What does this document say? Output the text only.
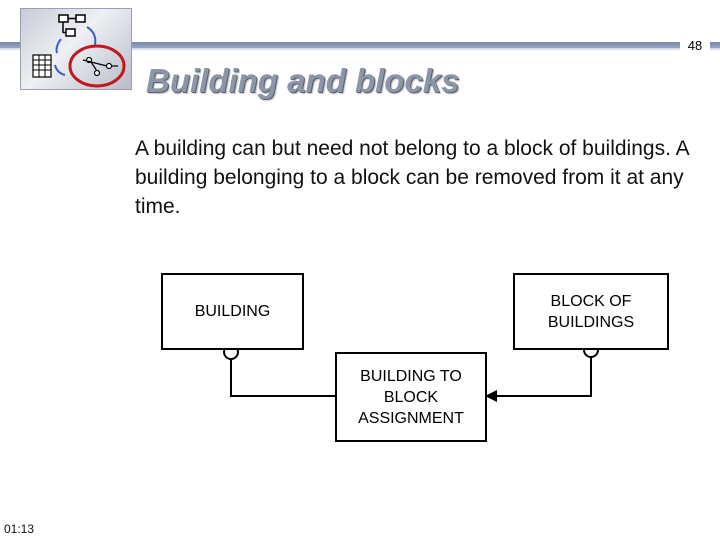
48
Building and blocks
A building can but need not belong to a block of buildings. A building belonging to a block can be removed from it at any time.
BUILDING
BLOCK OF
BUILDINGS
BUILDING TO
BLOCK
ASSIGNMENT
01:13
